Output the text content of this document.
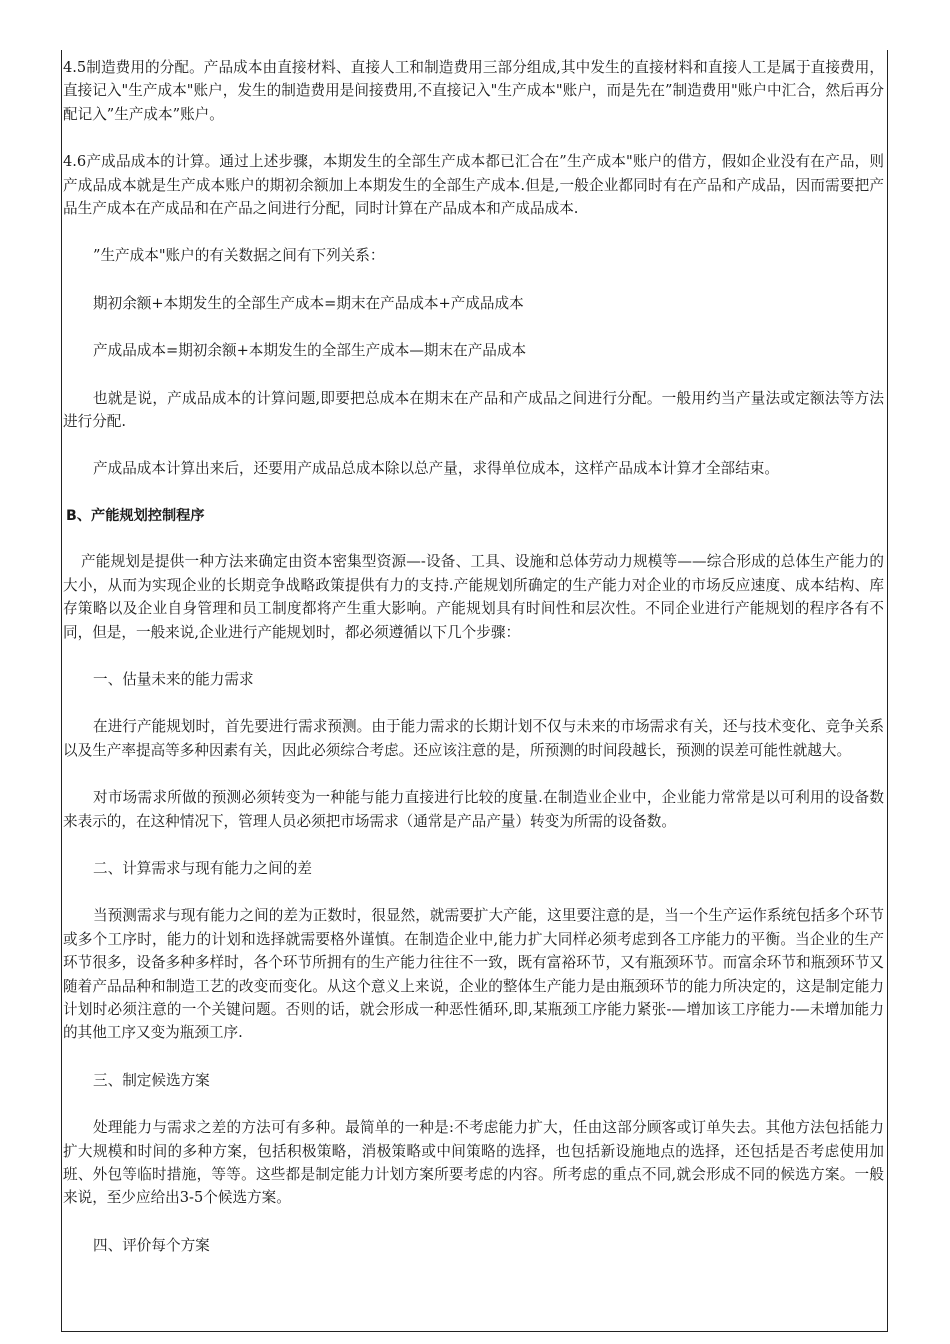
4.5制造费用的分配。产品成本由直接材料、直接人工和制造费用三部分组成,其中发生的直接材料和直接人工是属于直接费用，直接记入"生产成本"账户，发生的制造费用是间接费用,不直接记入"生产成本"账户，而是先在”制造费用"账户中汇合，然后再分配记入”生产成本”账户。

4.6产成品成本的计算。通过上述步骤，本期发生的全部生产成本都已汇合在”生产成本"账户的借方，假如企业没有在产品，则产成品成本就是生产成本账户的期初余额加上本期发生的全部生产成本.但是,一般企业都同时有在产品和产成品，因而需要把产品生产成本在产成品和在产品之间进行分配，同时计算在产品成本和产成品成本.

”生产成本"账户的有关数据之间有下列关系：

期初余额+本期发生的全部生产成本=期末在产品成本+产成品成本

产成品成本=期初余额+本期发生的全部生产成本—期末在产品成本

也就是说，产成品成本的计算问题,即要把总成本在期末在产品和产成品之间进行分配。一般用约当产量法或定额法等方法进行分配.

产成品成本计算出来后，还要用产成品总成本除以总产量，求得单位成本，这样产品成本计算才全部结束。

B、产能规划控制程序

产能规划是提供一种方法来确定由资本密集型资源—-设备、工具、设施和总体劳动力规模等——综合形成的总体生产能力的大小，从而为实现企业的长期竞争战略政策提供有力的支持.产能规划所确定的生产能力对企业的市场反应速度、成本结构、库存策略以及企业自身管理和员工制度都将产生重大影响。产能规划具有时间性和层次性。不同企业进行产能规划的程序各有不同，但是，一般来说,企业进行产能规划时，都必须遵循以下几个步骤：

一、估量未来的能力需求

在进行产能规划时，首先要进行需求预测。由于能力需求的长期计划不仅与未来的市场需求有关，还与技术变化、竞争关系以及生产率提高等多种因素有关，因此必须综合考虑。还应该注意的是，所预测的时间段越长，预测的误差可能性就越大。

对市场需求所做的预测必须转变为一种能与能力直接进行比较的度量.在制造业企业中，企业能力常常是以可利用的设备数来表示的，在这种情况下，管理人员必须把市场需求（通常是产品产量）转变为所需的设备数。

二、计算需求与现有能力之间的差

当预测需求与现有能力之间的差为正数时，很显然，就需要扩大产能，这里要注意的是，当一个生产运作系统包括多个环节或多个工序时，能力的计划和选择就需要格外谨慎。在制造企业中,能力扩大同样必须考虑到各工序能力的平衡。当企业的生产环节很多，设备多种多样时，各个环节所拥有的生产能力往往不一致，既有富裕环节，又有瓶颈环节。而富余环节和瓶颈环节又随着产品品种和制造工艺的改变而变化。从这个意义上来说，企业的整体生产能力是由瓶颈环节的能力所决定的，这是制定能力计划时必须注意的一个关键问题。否则的话，就会形成一种恶性循环,即,某瓶颈工序能力紧张-—增加该工序能力-—未增加能力的其他工序又变为瓶颈工序.

三、制定候选方案

处理能力与需求之差的方法可有多种。最简单的一种是:不考虑能力扩大，任由这部分顾客或订单失去。其他方法包括能力扩大规模和时间的多种方案，包括积极策略，消极策略或中间策略的选择，也包括新设施地点的选择，还包括是否考虑使用加班、外包等临时措施，等等。这些都是制定能力计划方案所要考虑的内容。所考虑的重点不同,就会形成不同的候选方案。一般来说，至少应给出3-5个候选方案。

四、评价每个方案
